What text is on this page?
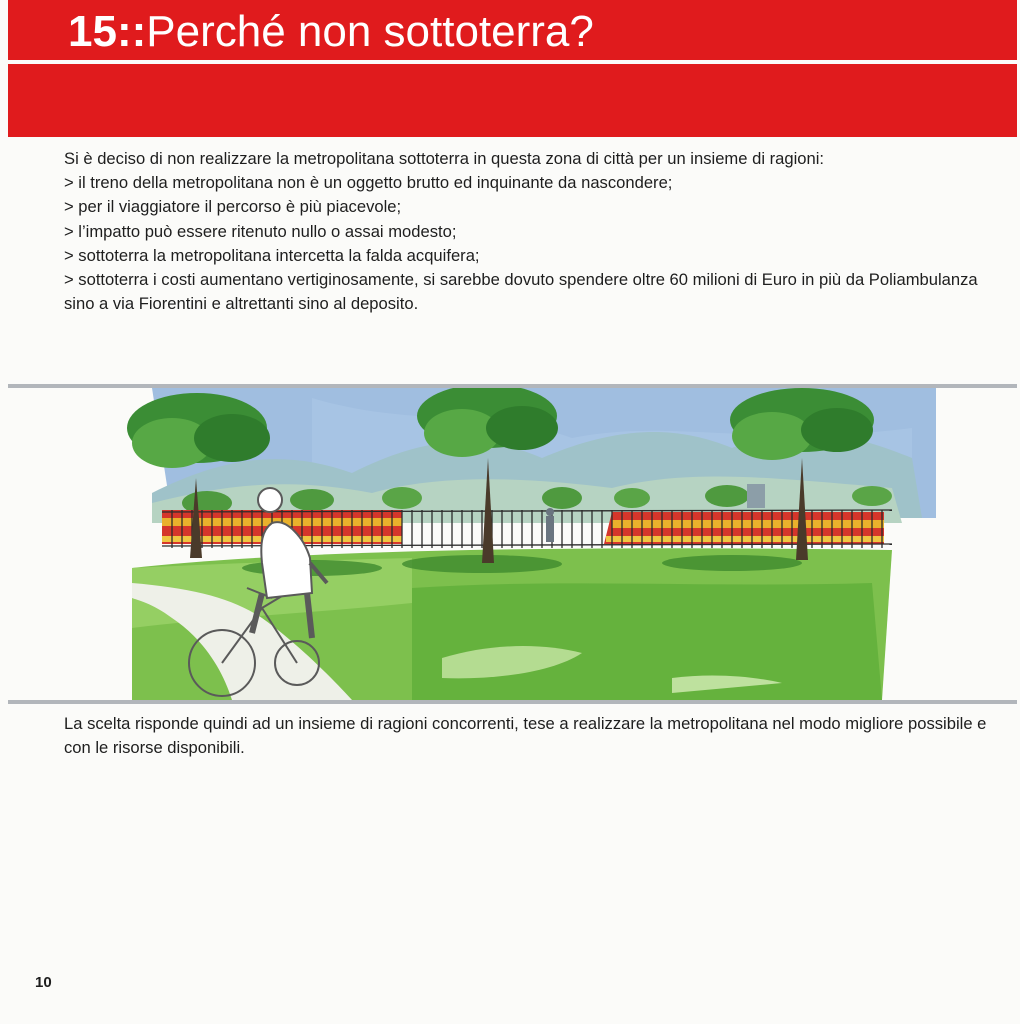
15::Perché non sottoterra?

Si è deciso di non realizzare la metropolitana sottoterra in questa zona di città per un insieme di ragioni:

> il treno della metropolitana non è un oggetto brutto ed inquinante da nascondere;

> per il viaggiatore il percorso è più piacevole;

> l’impatto può essere ritenuto nullo o assai modesto;

> sottoterra la metropolitana intercetta la falda acquifera;

> sottoterra i costi aumentano vertiginosamente, si sarebbe dovuto spendere oltre 60 milioni di Euro in più da Poliambulanza sino a via Fiorentini e altrettanti sino al deposito.

La scelta risponde quindi ad un insieme di ragioni concorrenti, tese a realizzare la metropolitana nel modo migliore possibile e con le risorse disponibili.

10
